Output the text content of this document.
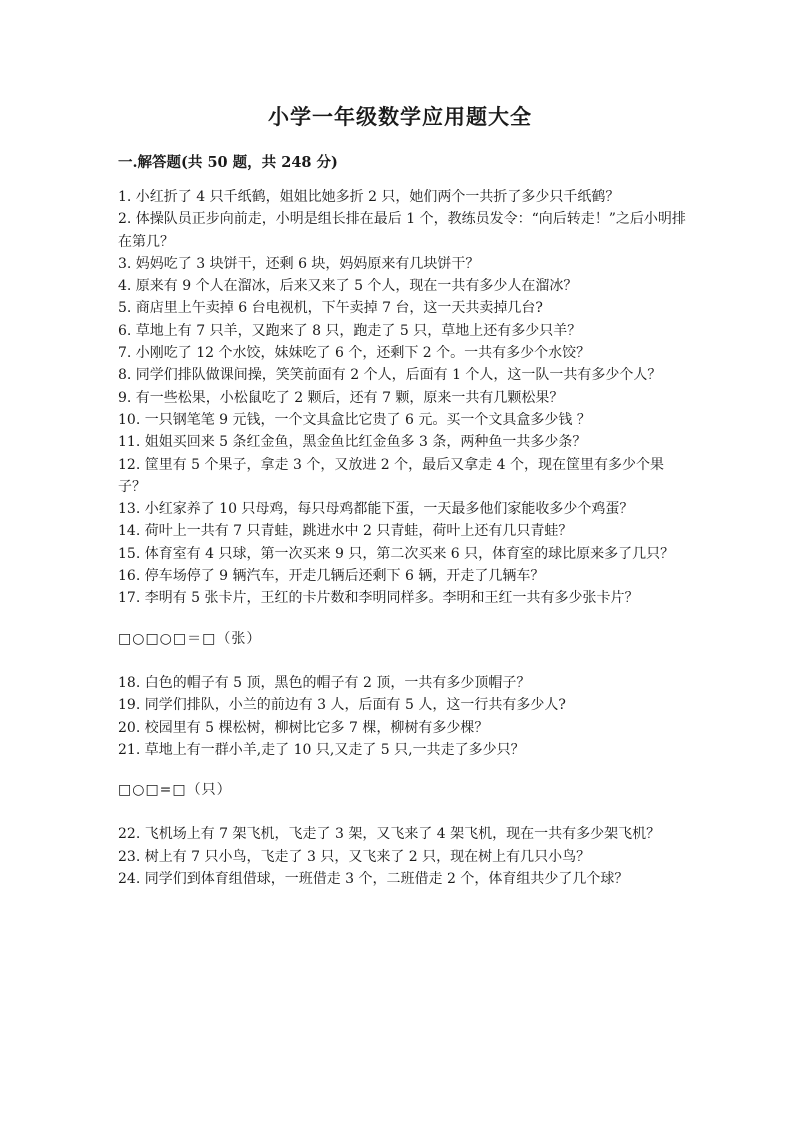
小学一年级数学应用题大全
一.解答题(共 50 题，共 248 分)

1. 小红折了 4 只千纸鹤，姐姐比她多折 2 只，她们两个一共折了多少只千纸鹤？

2. 体操队员正步向前走，小明是组长排在最后 1 个，教练员发令：“向后转走！”之后小明排在第几？

3. 妈妈吃了 3 块饼干，还剩 6 块，妈妈原来有几块饼干？

4. 原来有 9 个人在溜冰，后来又来了 5 个人，现在一共有多少人在溜冰？

5. 商店里上午卖掉 6 台电视机，下午卖掉 7 台，这一天共卖掉几台?

6. 草地上有 7 只羊，又跑来了 8 只，跑走了 5 只，草地上还有多少只羊？

7. 小刚吃了 12 个水饺，妹妹吃了 6 个，还剩下 2 个。一共有多少个水饺？

8. 同学们排队做课间操，笑笑前面有 2 个人，后面有 1 个人，这一队一共有多少个人？

9. 有一些松果，小松鼠吃了 2 颗后，还有 7 颗，原来一共有几颗松果？

10. 一只钢笔笔 9 元钱，一个文具盒比它贵了 6 元。买一个文具盒多少钱 ？

11. 姐姐买回来 5 条红金鱼，黑金鱼比红金鱼多 3 条，两种鱼一共多少条？

12. 筐里有 5 个果子，拿走 3 个，又放进 2 个，最后又拿走 4 个，现在筐里有多少个果子？

13. 小红家养了 10 只母鸡，每只母鸡都能下蛋，一天最多他们家能收多少个鸡蛋？

14. 荷叶上一共有 7 只青蛙，跳进水中 2 只青蛙，荷叶上还有几只青蛙？

15. 体育室有 4 只球，第一次买来 9 只，第二次买来 6 只，体育室的球比原来多了几只？

16. 停车场停了 9 辆汽车，开走几辆后还剩下 6 辆，开走了几辆车？

17. 李明有 5 张卡片，王红的卡片数和李明同样多。李明和王红一共有多少张卡片？

□○□○□＝□（张）

18. 白色的帽子有 5 顶，黑色的帽子有 2 顶，一共有多少顶帽子？

19. 同学们排队，小兰的前边有 3 人，后面有 5 人，这一行共有多少人?

20. 校园里有 5 棵松树，柳树比它多 7 棵，柳树有多少棵？

21. 草地上有一群小羊,走了 10 只,又走了 5 只,一共走了多少只？

□○□=□（只）

22. 飞机场上有 7 架飞机，飞走了 3 架，又飞来了 4 架飞机，现在一共有多少架飞机？

23. 树上有 7 只小鸟，飞走了 3 只，又飞来了 2 只，现在树上有几只小鸟？

24. 同学们到体育组借球，一班借走 3 个，二班借走 2 个，体育组共少了几个球？
